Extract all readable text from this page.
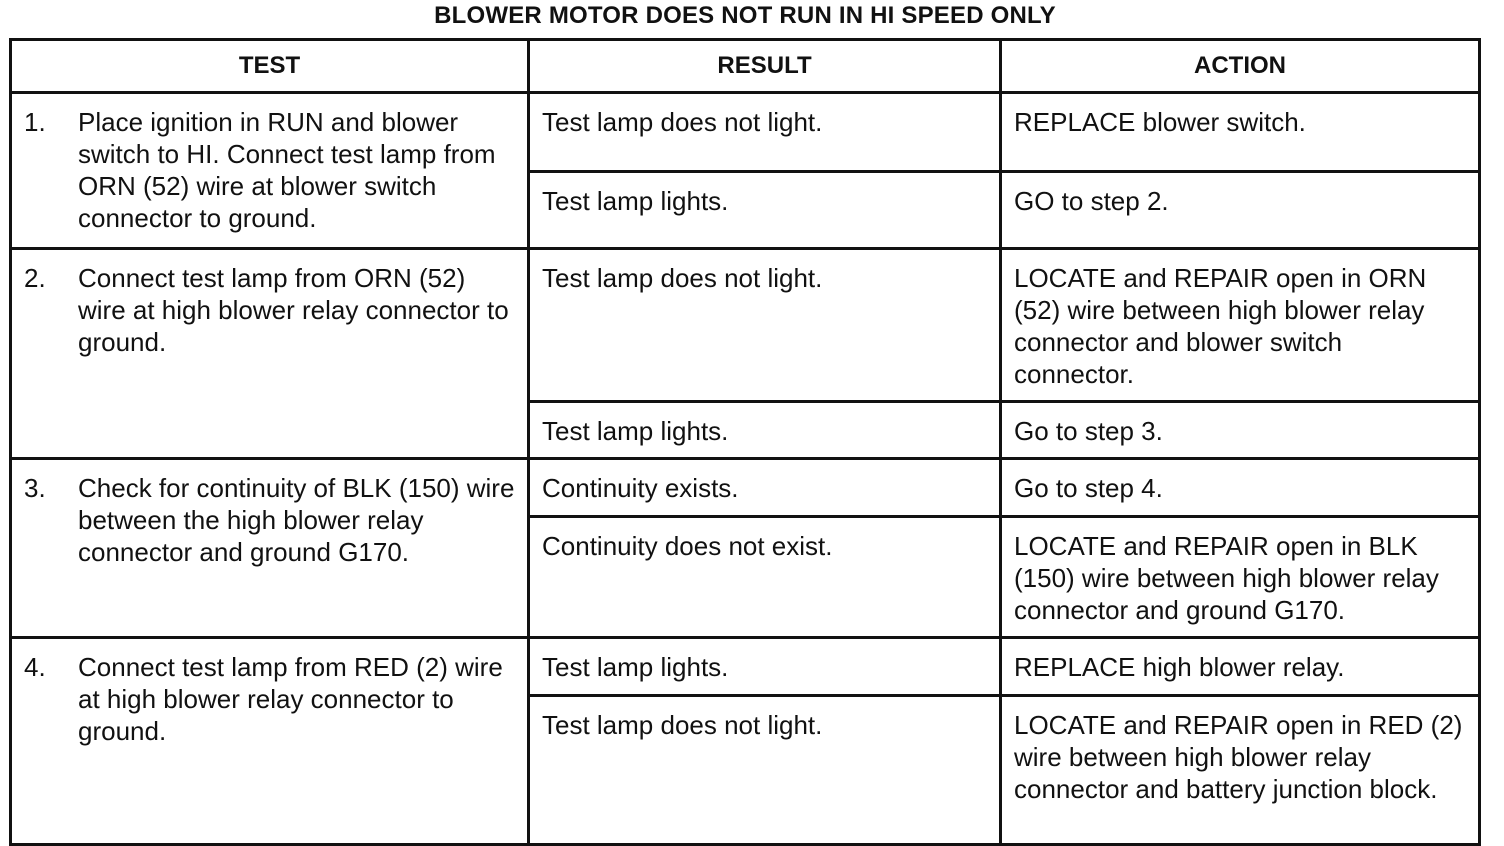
BLOWER MOTOR DOES NOT RUN IN HI SPEED ONLY
TEST	RESULT	ACTION

1. Place ignition in RUN and blower switch to HI. Connect test lamp from ORN (52) wire at blower switch connector to ground.	Test lamp does not light.	REPLACE blower switch.
	Test lamp lights.	GO to step 2.

2. Connect test lamp from ORN (52) wire at high blower relay connector to ground.	Test lamp does not light.	LOCATE and REPAIR open in ORN (52) wire between high blower relay connector and blower switch connector.
	Test lamp lights.	Go to step 3.

3. Check for continuity of BLK (150) wire between the high blower relay connector and ground G170.	Continuity exists.	Go to step 4.
	Continuity does not exist.	LOCATE and REPAIR open in BLK (150) wire between high blower relay connector and ground G170.

4. Connect test lamp from RED (2) wire at high blower relay connector to ground.	Test lamp lights.	REPLACE high blower relay.
	Test lamp does not light.	LOCATE and REPAIR open in RED (2) wire between high blower relay connector and battery junction block.
